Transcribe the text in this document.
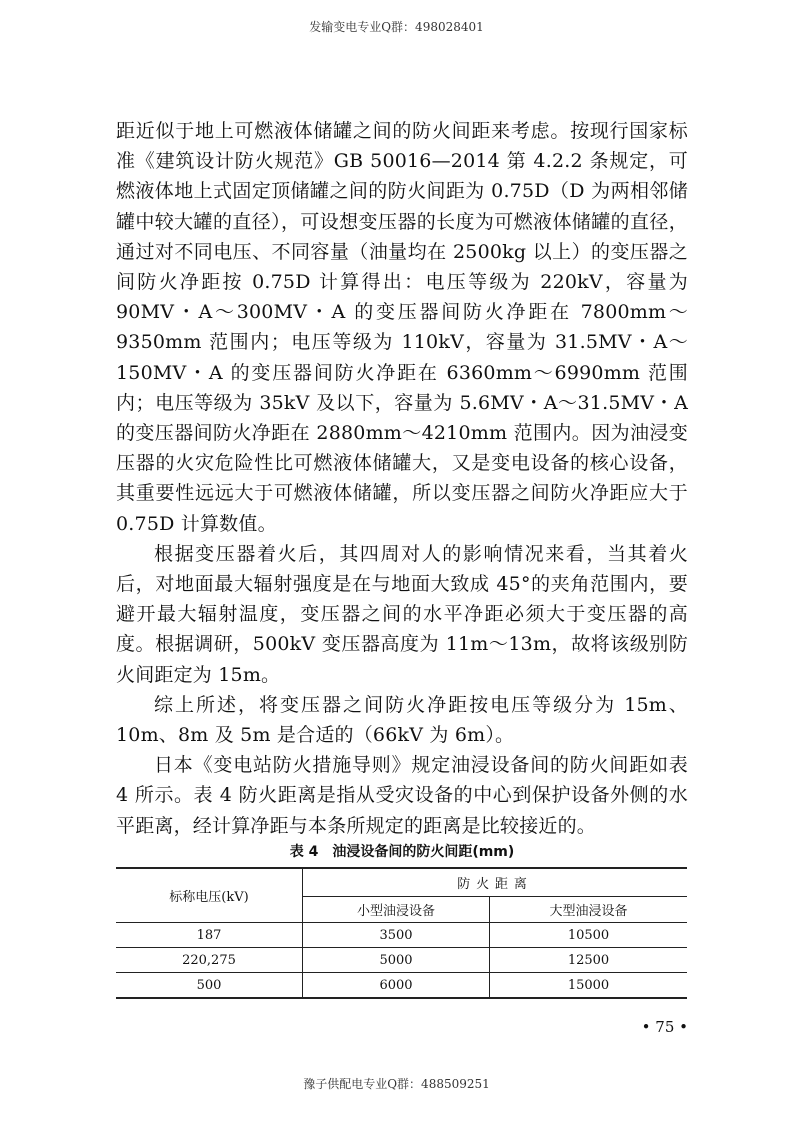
发输变电专业Q群：498028401

距近似于地上可燃液体储罐之间的防火间距来考虑。按现行国家标准《建筑设计防火规范》GB 50016—2014 第 4.2.2 条规定，可燃液体地上式固定顶储罐之间的防火间距为 0.75D（D 为两相邻储罐中较大罐的直径），可设想变压器的长度为可燃液体储罐的直径，通过对不同电压、不同容量（油量均在 2500kg 以上）的变压器之间防火净距按 0.75D 计算得出：电压等级为 220kV，容量为 90MV・A～300MV・A 的变压器间防火净距在 7800mm～9350mm 范围内；电压等级为 110kV，容量为 31.5MV・A～150MV・A 的变压器间防火净距在 6360mm～6990mm 范围内；电压等级为 35kV 及以下，容量为 5.6MV・A～31.5MV・A 的变压器间防火净距在 2880mm～4210mm 范围内。因为油浸变压器的火灾危险性比可燃液体储罐大，又是变电设备的核心设备，其重要性远远大于可燃液体储罐，所以变压器之间防火净距应大于 0.75D 计算数值。

根据变压器着火后，其四周对人的影响情况来看，当其着火后，对地面最大辐射强度是在与地面大致成 45°的夹角范围内，要避开最大辐射温度，变压器之间的水平净距必须大于变压器的高度。根据调研，500kV 变压器高度为 11m～13m，故将该级别防火间距定为 15m。

综上所述，将变压器之间防火净距按电压等级分为 15m、10m、8m 及 5m 是合适的（66kV 为 6m）。

日本《变电站防火措施导则》规定油浸设备间的防火间距如表 4 所示。表 4 防火距离是指从受灾设备的中心到保护设备外侧的水平距离，经计算净距与本条所规定的距离是比较接近的。

表 4　油浸设备间的防火间距(mm)
标称电压(kV)	防火距离	
	小型油浸设备	大型油浸设备
187	3500	10500
220,275	5000	12500
500	6000	15000
• 75 •
豫子供配电专业Q群：488509251
